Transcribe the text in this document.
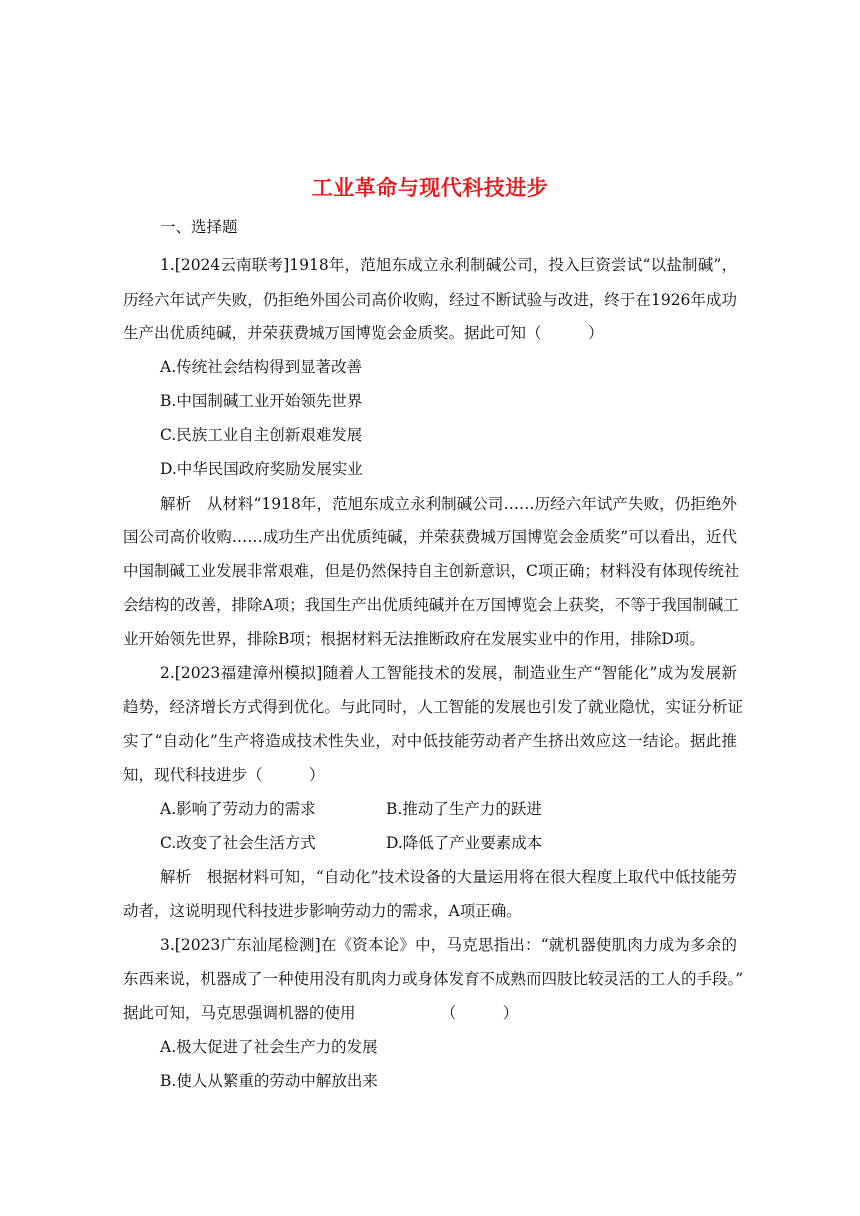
工业革命与现代科技进步
一、选择题
1.[2024云南联考]1918年，范旭东成立永利制碱公司，投入巨资尝试“以盐制碱”，
历经六年试产失败，仍拒绝外国公司高价收购，经过不断试验与改进，终于在1926年成功
生产出优质纯碱，并荣获费城万国博览会金质奖。据此可知（　　　）
A.传统社会结构得到显著改善
B.中国制碱工业开始领先世界
C.民族工业自主创新艰难发展
D.中华民国政府奖励发展实业
解析　从材料“1918年，范旭东成立永利制碱公司……历经六年试产失败，仍拒绝外
国公司高价收购……成功生产出优质纯碱，并荣获费城万国博览会金质奖”可以看出，近代
中国制碱工业发展非常艰难，但是仍然保持自主创新意识，C项正确；材料没有体现传统社
会结构的改善，排除A项；我国生产出优质纯碱并在万国博览会上获奖，不等于我国制碱工
业开始领先世界，排除B项；根据材料无法推断政府在发展实业中的作用，排除D项。
2.[2023福建漳州模拟]随着人工智能技术的发展，制造业生产“智能化”成为发展新
趋势，经济增长方式得到优化。与此同时，人工智能的发展也引发了就业隐忧，实证分析证
实了“自动化”生产将造成技术性失业，对中低技能劳动者产生挤出效应这一结论。据此推
知，现代科技进步（　　　）
A.影响了劳动力的需求	B.推动了生产力的跃进
C.改变了社会生活方式	D.降低了产业要素成本
解析　根据材料可知，“自动化”技术设备的大量运用将在很大程度上取代中低技能劳
动者，这说明现代科技进步影响劳动力的需求，A项正确。
3.[2023广东汕尾检测]在《资本论》中，马克思指出：“就机器使肌肉力成为多余的
东西来说，机器成了一种使用没有肌肉力或身体发育不成熟而四肢比较灵活的工人的手段。”
据此可知，马克思强调机器的使用　　　　　　（　　　）
A.极大促进了社会生产力的发展
B.使人从繁重的劳动中解放出来
